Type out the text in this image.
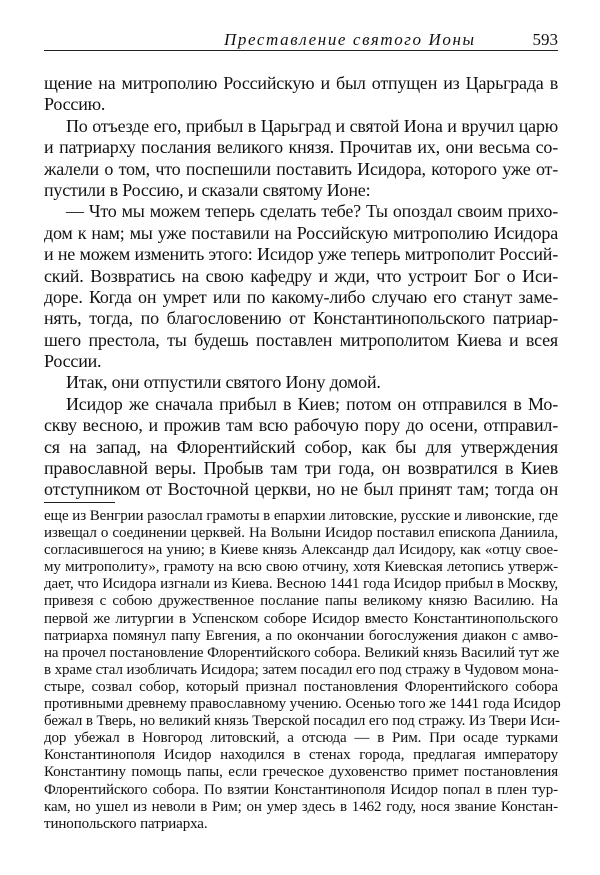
Преставление святого Ионы	593
щение на митрополию Российскую и был отпущен из Царьграда в
Россию.
По отъезде его, прибыл в Царьград и святой Иона и вручил царю
и патриарху послания великого князя. Прочитав их, они весьма со-
жалели о том, что поспешили поставить Исидора, которого уже от-
пустили в Россию, и сказали святому Ионе:
— Что мы можем теперь сделать тебе? Ты опоздал своим прихо-
дом к нам; мы уже поставили на Российскую митрополию Исидора
и не можем изменить этого: Исидор уже теперь митрополит Россий-
ский. Возвратись на свою кафедру и жди, что устроит Бог о Иси-
доре. Когда он умрет или по какому-либо случаю его станут заме-
нять, тогда, по благословению от Константинопольского патриар-
шего престола, ты будешь поставлен митрополитом Киева и всея
России.
Итак, они отпустили святого Иону домой.
Исидор же сначала прибыл в Киев; потом он отправился в Мо-
скву весною, и прожив там всю рабочую пору до осени, отправил-
ся на запад, на Флорентийский собор, как бы для утверждения
православной веры. Пробыв там три года, он возвратился в Киев
отступником от Восточной церкви, но не был принят там; тогда он
еще из Венгрии разослал грамоты в епархии литовские, русские и ливонские, где
извещал о соединении церквей. На Волыни Исидор поставил епископа Даниила,
согласившегося на унию; в Киеве князь Александр дал Исидору, как «отцу свое-
му митрополиту», грамоту на всю свою отчину, хотя Киевская летопись утверж-
дает, что Исидора изгнали из Киева. Весною 1441 года Исидор прибыл в Москву,
привезя с собою дружественное послание папы великому князю Василию. На
первой же литургии в Успенском соборе Исидор вместо Константинопольского
патриарха помянул папу Евгения, а по окончании богослужения диакон с амво-
на прочел постановление Флорентийского собора. Великий князь Василий тут же
в храме стал изобличать Исидора; затем посадил его под стражу в Чудовом мона-
стыре, созвал собор, который признал постановления Флорентийского собора
противными древнему православному учению. Осенью того же 1441 года Исидор
бежал в Тверь, но великий князь Тверской посадил его под стражу. Из Твери Иси-
дор убежал в Новгород литовский, а отсюда — в Рим. При осаде турками
Константинополя Исидор находился в стенах города, предлагая императору
Константину помощь папы, если греческое духовенство примет постановления
Флорентийского собора. По взятии Константинополя Исидор попал в плен тур-
кам, но ушел из неволи в Рим; он умер здесь в 1462 году, нося звание Констан-
тинопольского патриарха.
